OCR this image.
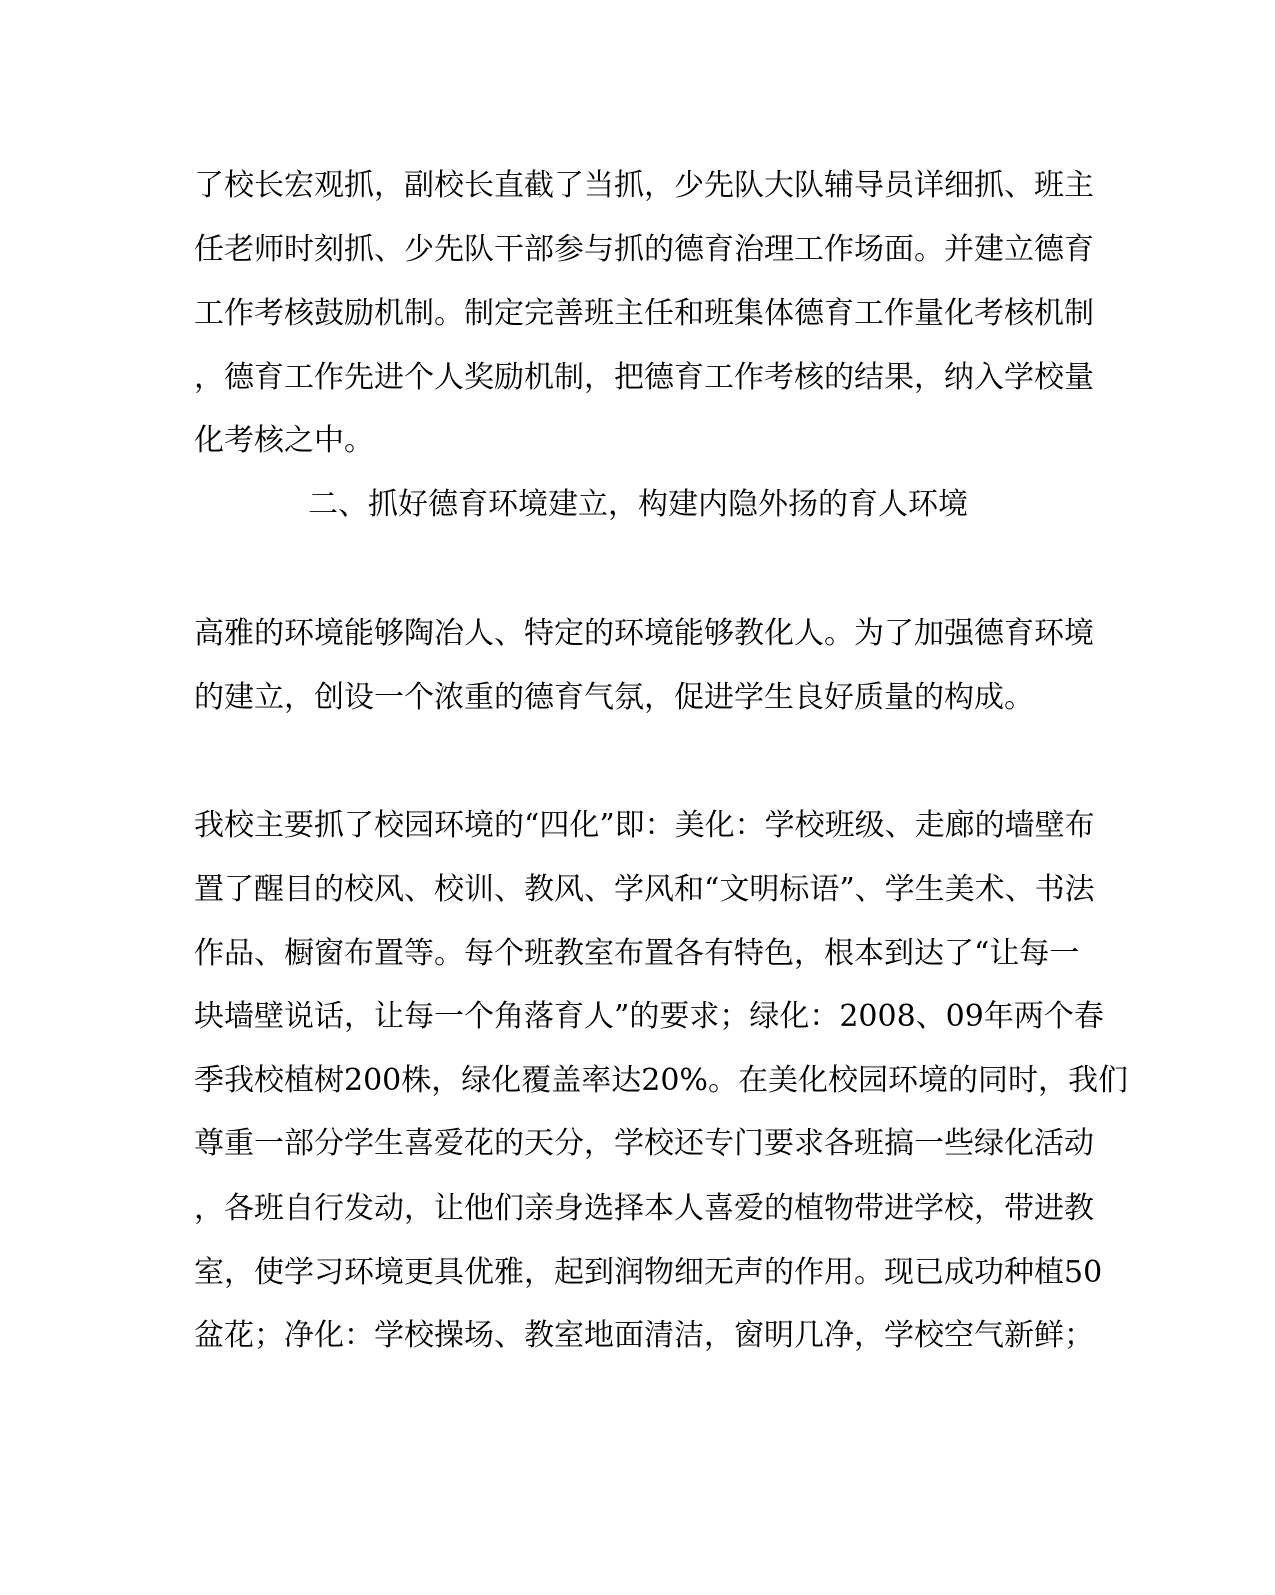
了校长宏观抓，副校长直截了当抓，少先队大队辅导员详细抓、班主

任老师时刻抓、少先队干部参与抓的德育治理工作场面。并建立德育

工作考核鼓励机制。制定完善班主任和班集体德育工作量化考核机制

，德育工作先进个人奖励机制，把德育工作考核的结果，纳入学校量

化考核之中。

二、抓好德育环境建立，构建内隐外扬的育人环境

高雅的环境能够陶冶人、特定的环境能够教化人。为了加强德育环境

的建立，创设一个浓重的德育气氛，促进学生良好质量的构成。

我校主要抓了校园环境的“四化”即：美化：学校班级、走廊的墙壁布

置了醒目的校风、校训、教风、学风和“文明标语”、学生美术、书法

作品、橱窗布置等。每个班教室布置各有特色，根本到达了“让每一

块墙壁说话，让每一个角落育人”的要求；绿化：2008、09年两个春

季我校植树200株，绿化覆盖率达20%。在美化校园环境的同时，我们

尊重一部分学生喜爱花的天分，学校还专门要求各班搞一些绿化活动

，各班自行发动，让他们亲身选择本人喜爱的植物带进学校，带进教

室，使学习环境更具优雅，起到润物细无声的作用。现已成功种植50

盆花；净化：学校操场、教室地面清洁，窗明几净，学校空气新鲜；
